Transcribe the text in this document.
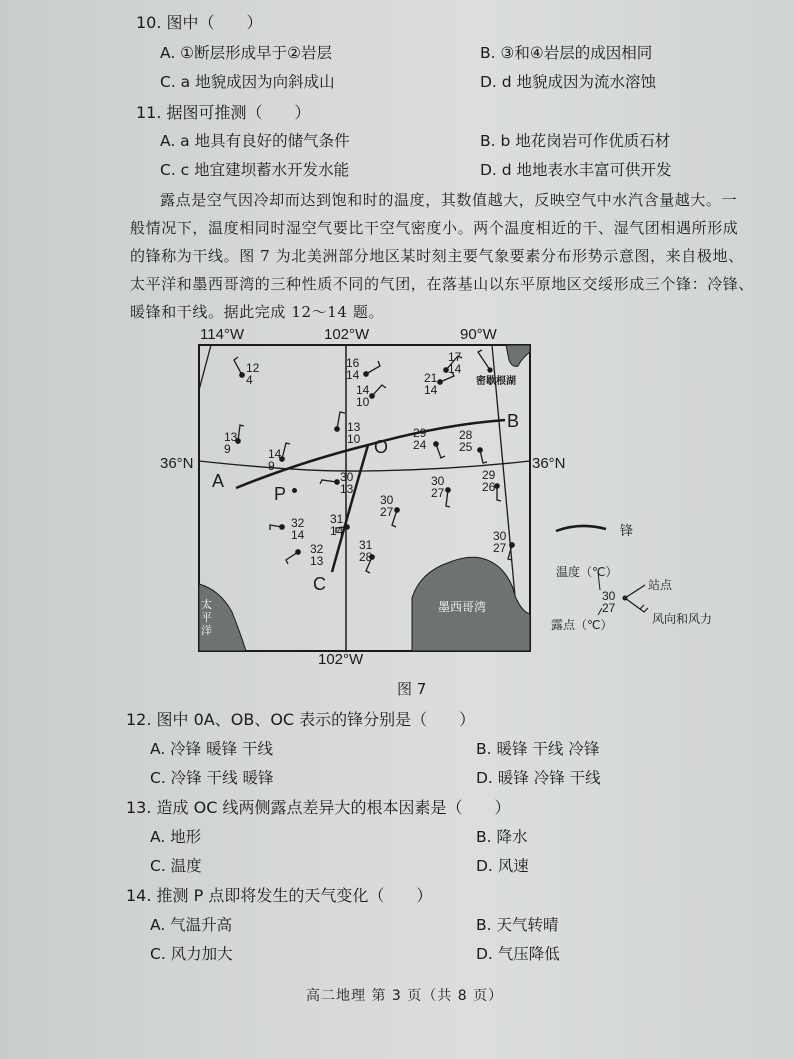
10. 图中（　　）
A. ①断层形成早于②岩层	B. ③和④岩层的成因相同
C. a 地貌成因为向斜成山	D. d 地貌成因为流水溶蚀
11. 据图可推测（　　）
A. a 地具有良好的储气条件	B. b 地花岗岩可作优质石材
C. c 地宜建坝蓄水开发水能	D. d 地地表水丰富可供开发
露点是空气因冷却而达到饱和时的温度，其数值越大，反映空气中水汽含量越大。一
般情况下，温度相同时湿空气要比干空气密度小。两个温度相近的干、湿气团相遇所形成
的锋称为干线。图 7 为北美洲部分地区某时刻主要气象要素分布形势示意图，来自极地、
太平洋和墨西哥湾的三种性质不同的气团，在落基山以东平原地区交绥形成三个锋：冷锋、
暖锋和干线。据此完成 12～14 题。
114°W	102°W	90°W
102°W
36°N	36°N
A
B
C
O
P
密歇根湖
太平洋
墨西哥湾
12
4
16
14
14
10
17
14
21
14
13
9	14
9
13
10	29
24
28
25
30
13
30
27
29
26
30
27
32
14
31
14
32
13
31
28
30
27
锋
温度（℃）
露点（℃）
站点
风向和风力
30
27
图 7
12. 图中 0A、OB、OC 表示的锋分别是（　　）
A. 冷锋 暖锋 干线	B. 暖锋 干线 冷锋
C. 冷锋 干线 暖锋	D. 暖锋 冷锋 干线
13. 造成 OC 线两侧露点差异大的根本因素是（　　）
A. 地形	B. 降水
C. 温度	D. 风速
14. 推测 P 点即将发生的天气变化（　　）
A. 气温升高	B. 天气转晴
C. 风力加大	D. 气压降低
高二地理 第 3 页（共 8 页）
